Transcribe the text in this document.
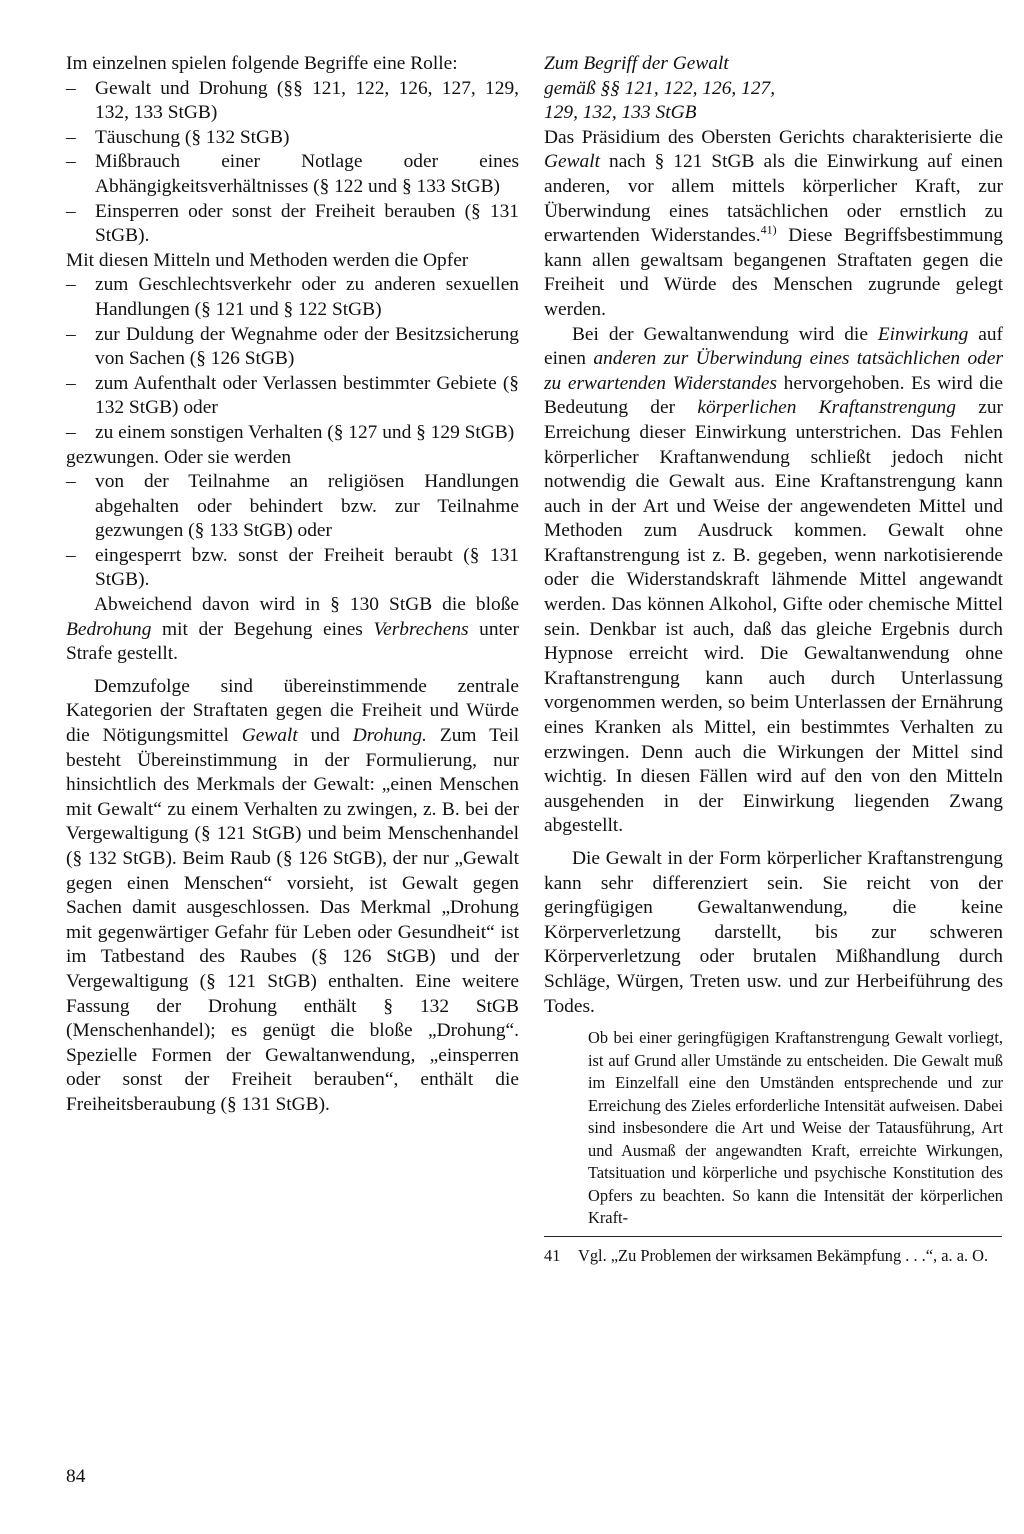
Im einzelnen spielen folgende Begriffe eine Rolle:

– Gewalt und Drohung (§§ 121, 122, 126, 127, 129, 132, 133 StGB)
– Täuschung (§ 132 StGB)
– Mißbrauch einer Notlage oder eines Abhängigkeitsverhältnisses (§ 122 und § 133 StGB)
– Einsperren oder sonst der Freiheit berauben (§ 131 StGB).

Mit diesen Mitteln und Methoden werden die Opfer

– zum Geschlechtsverkehr oder zu anderen sexuellen Handlungen (§ 121 und § 122 StGB)
– zur Duldung der Wegnahme oder der Besitzsicherung von Sachen (§ 126 StGB)
– zum Aufenthalt oder Verlassen bestimmter Gebiete (§ 132 StGB) oder
– zu einem sonstigen Verhalten (§ 127 und § 129 StGB)

gezwungen. Oder sie werden

– von der Teilnahme an religiösen Handlungen abgehalten oder behindert bzw. zur Teilnahme gezwungen (§ 133 StGB) oder
– eingesperrt bzw. sonst der Freiheit beraubt (§ 131 StGB).

Abweichend davon wird in § 130 StGB die bloße Bedrohung mit der Begehung eines Verbrechens unter Strafe gestellt.

Demzufolge sind übereinstimmende zentrale Kategorien der Straftaten gegen die Freiheit und Würde die Nötigungsmittel Gewalt und Drohung. Zum Teil besteht Übereinstimmung in der Formulierung, nur hinsichtlich des Merkmals der Gewalt: „einen Menschen mit Gewalt“ zu einem Verhalten zu zwingen, z. B. bei der Vergewaltigung (§ 121 StGB) und beim Menschenhandel (§ 132 StGB). Beim Raub (§ 126 StGB), der nur „Gewalt gegen einen Menschen“ vorsieht, ist Gewalt gegen Sachen damit ausgeschlossen. Das Merkmal „Drohung mit gegenwärtiger Gefahr für Leben oder Gesundheit“ ist im Tatbestand des Raubes (§ 126 StGB) und der Vergewaltigung (§ 121 StGB) enthalten. Eine weitere Fassung der Drohung enthält § 132 StGB (Menschenhandel); es genügt die bloße „Drohung“. Spezielle Formen der Gewaltanwendung, „einsperren oder sonst der Freiheit berauben“, enthält die Freiheitsberaubung (§ 131 StGB).

Zum Begriff der Gewalt
gemäß §§ 121, 122, 126, 127,
129, 132, 133 StGB

Das Präsidium des Obersten Gerichts charakterisierte die Gewalt nach § 121 StGB als die Einwirkung auf einen anderen, vor allem mittels körperlicher Kraft, zur Überwindung eines tatsächlichen oder ernstlich zu erwartenden Widerstandes.$^{41)}$ Diese Begriffsbestimmung kann allen gewaltsam begangenen Straftaten gegen die Freiheit und Würde des Menschen zugrunde gelegt werden.

Bei der Gewaltanwendung wird die Einwirkung auf einen anderen zur Überwindung eines tatsächlichen oder zu erwartenden Widerstandes hervorgehoben. Es wird die Bedeutung der körperlichen Kraftanstrengung zur Erreichung dieser Einwirkung unterstrichen. Das Fehlen körperlicher Kraftanwendung schließt jedoch nicht notwendig die Gewalt aus. Eine Kraftanstrengung kann auch in der Art und Weise der angewendeten Mittel und Methoden zum Ausdruck kommen. Gewalt ohne Kraftanstrengung ist z. B. gegeben, wenn narkotisierende oder die Widerstandskraft lähmende Mittel angewandt werden. Das können Alkohol, Gifte oder chemische Mittel sein. Denkbar ist auch, daß das gleiche Ergebnis durch Hypnose erreicht wird. Die Gewaltanwendung ohne Kraftanstrengung kann auch durch Unterlassung vorgenommen werden, so beim Unterlassen der Ernährung eines Kranken als Mittel, ein bestimmtes Verhalten zu erzwingen. Denn auch die Wirkungen der Mittel sind wichtig. In diesen Fällen wird auf den von den Mitteln ausgehenden in der Einwirkung liegenden Zwang abgestellt.

Die Gewalt in der Form körperlicher Kraftanstrengung kann sehr differenziert sein. Sie reicht von der geringfügigen Gewaltanwendung, die keine Körperverletzung darstellt, bis zur schweren Körperverletzung oder brutalen Mißhandlung durch Schläge, Würgen, Treten usw. und zur Herbeiführung des Todes.

Ob bei einer geringfügigen Kraftanstrengung Gewalt vorliegt, ist auf Grund aller Umstände zu entscheiden. Die Gewalt muß im Einzelfall eine den Umständen entsprechende und zur Erreichung des Zieles erforderliche Intensität aufweisen. Dabei sind insbesondere die Art und Weise der Tatausführung, Art und Ausmaß der angewandten Kraft, erreichte Wirkungen, Tatsituation und körperliche und psychische Konstitution des Opfers zu beachten. So kann die Intensität der körperlichen Kraft-

41	Vgl. „Zu Problemen der wirksamen Bekämpfung . . .“, a. a. O.
84
